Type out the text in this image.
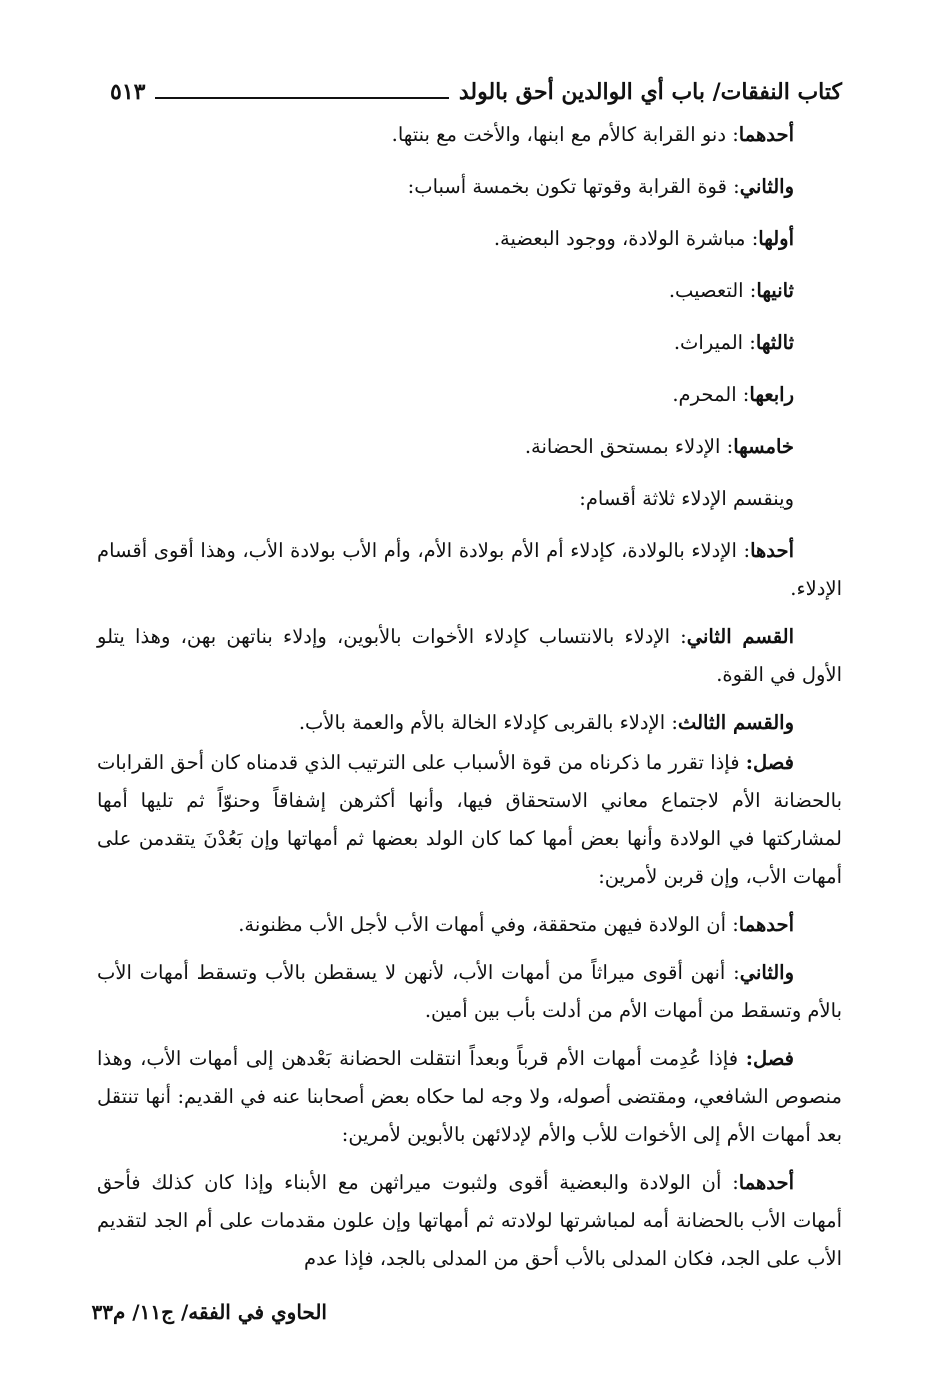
كتاب النفقات/ باب أي الوالدين أحق بالولد
٥١٣

أحدهما: دنو القرابة كالأم مع ابنها، والأخت مع بنتها.

والثاني: قوة القرابة وقوتها تكون بخمسة أسباب:

أولها: مباشرة الولادة، ووجود البعضية.

ثانيها: التعصيب.

ثالثها: الميراث.

رابعها: المحرم.

خامسها: الإدلاء بمستحق الحضانة.

وينقسم الإدلاء ثلاثة أقسام:

أحدها: الإدلاء بالولادة، كإدلاء أم الأم بولادة الأم، وأم الأب بولادة الأب، وهذا أقوى أقسام الإدلاء.

القسم الثاني: الإدلاء بالانتساب كإدلاء الأخوات بالأبوين، وإدلاء بناتهن بهن، وهذا يتلو الأول في القوة.

والقسم الثالث: الإدلاء بالقربى كإدلاء الخالة بالأم والعمة بالأب.

فصل: فإذا تقرر ما ذكرناه من قوة الأسباب على الترتيب الذي قدمناه كان أحق القرابات بالحضانة الأم لاجتماع معاني الاستحقاق فيها، وأنها أكثرهن إشفاقاً وحنوّاً ثم تليها أمها لمشاركتها في الولادة وأنها بعض أمها كما كان الولد بعضها ثم أمهاتها وإن بَعُدْنَ يتقدمن على أمهات الأب، وإن قربن لأمرين:

أحدهما: أن الولادة فيهن متحققة، وفي أمهات الأب لأجل الأب مظنونة.

والثاني: أنهن أقوى ميراثاً من أمهات الأب، لأنهن لا يسقطن بالأب وتسقط أمهات الأب بالأم وتسقط من أمهات الأم من أدلت بأب بين أمين.

فصل: فإذا عُدِمت أمهات الأم قرباً وبعداً انتقلت الحضانة بَعْدهن إلى أمهات الأب، وهذا منصوص الشافعي، ومقتضى أصوله، ولا وجه لما حكاه بعض أصحابنا عنه في القديم: أنها تنتقل بعد أمهات الأم إلى الأخوات للأب والأم لإدلائهن بالأبوين لأمرين:

أحدهما: أن الولادة والبعضية أقوى ولثبوت ميراثهن مع الأبناء وإذا كان كذلك فأحق أمهات الأب بالحضانة أمه لمباشرتها لولادته ثم أمهاتها وإن علون مقدمات على أم الجد لتقديم الأب على الجد، فكان المدلى بالأب أحق من المدلى بالجد، فإذا عدم

الحاوي في الفقه/ ج١١/ م٣٣
